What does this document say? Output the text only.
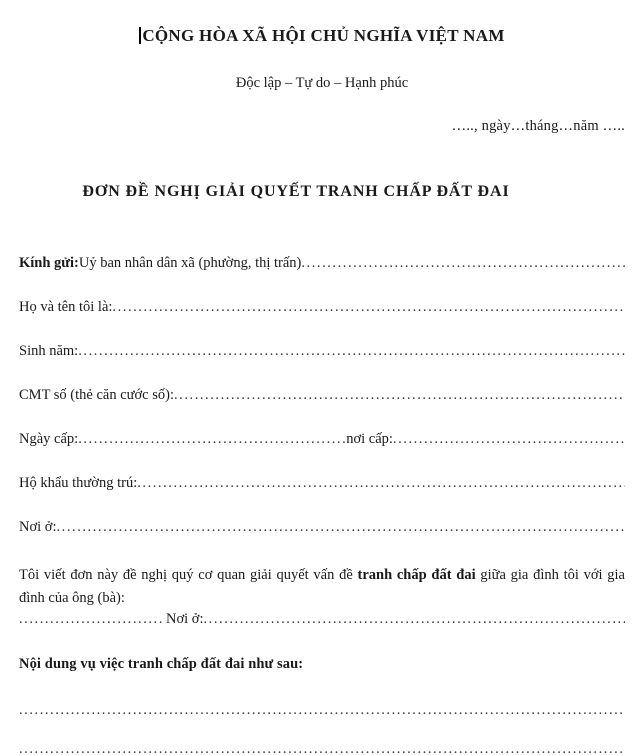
CỘNG HÒA XÃ HỘI CHỦ NGHĨA VIỆT NAM
Độc lập – Tự do – Hạnh phúc
….., ngày…tháng…năm …..
ĐƠN ĐỀ NGHỊ GIẢI QUYẾT TRANH CHẤP ĐẤT ĐAI
Kính gửi: Uỷ ban nhân dân xã (phường, thị trấn)
.....
Họ và tên tôi là:
.....
Sinh năm:
.....
CMT số (thẻ căn cước số):
.....
Ngày cấp: .....	nơi cấp:
.....
Hộ khẩu thường trú:
.....
Nơi ở:
.....
Tôi viết đơn này đề nghị quý cơ quan giải quyết vấn đề tranh chấp đất đai giữa gia đình tôi với gia đình của ông (bà):
.....
Nơi ở:
.....
Nội dung vụ việc tranh chấp đất đai như sau:
.....
.....
